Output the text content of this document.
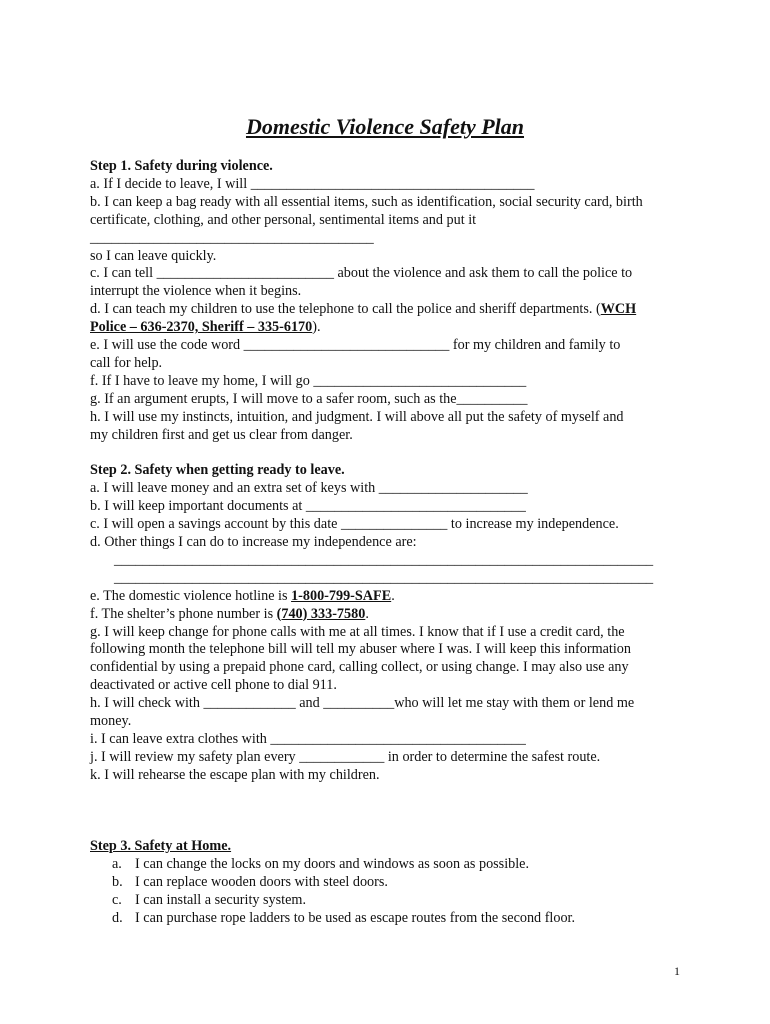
Domestic Violence Safety Plan
Step 1. Safety during violence.
a. If I decide to leave, I will ________________________________________
b. I can keep a bag ready with all essential items, such as identification, social security card, birth
certificate, clothing, and other personal, sentimental items and put it
________________________________________
so I can leave quickly.
c. I can tell _________________________ about the violence and ask them to call the police to
interrupt the violence when it begins.
d. I can teach my children to use the telephone to call the police and sheriff departments. (WCH
Police – 636-2370, Sheriff – 335-6170).
e. I will use the code word _____________________________ for my children and family to
call for help.
f. If I have to leave my home, I will go ______________________________
g. If an argument erupts, I will move to a safer room, such as the__________
h. I will use my instincts, intuition, and judgment. I will above all put the safety of myself and
my children first and get us clear from danger.
Step 2. Safety when getting ready to leave.
a. I will leave money and an extra set of keys with _____________________
b. I will keep important documents at _______________________________
c. I will open a savings account by this date _______________ to increase my independence.
d. Other things I can do to increase my independence are:
____________________________________________________________________________
____________________________________________________________________________
e. The domestic violence hotline is 1-800-799-SAFE.
f. The shelter’s phone number is (740) 333-7580.
g. I will keep change for phone calls with me at all times. I know that if I use a credit card, the
following month the telephone bill will tell my abuser where I was. I will keep this information
confidential by using a prepaid phone card, calling collect, or using change. I may also use any
deactivated or active cell phone to dial 911.
h. I will check with _____________ and __________who will let me stay with them or lend me
money.
i. I can leave extra clothes with ____________________________________
j. I will review my safety plan every ____________ in order to determine the safest route.
k. I will rehearse the escape plan with my children.
Step 3. Safety at Home.
a. I can change the locks on my doors and windows as soon as possible.
b. I can replace wooden doors with steel doors.
c. I can install a security system.
d. I can purchase rope ladders to be used as escape routes from the second floor.
1
